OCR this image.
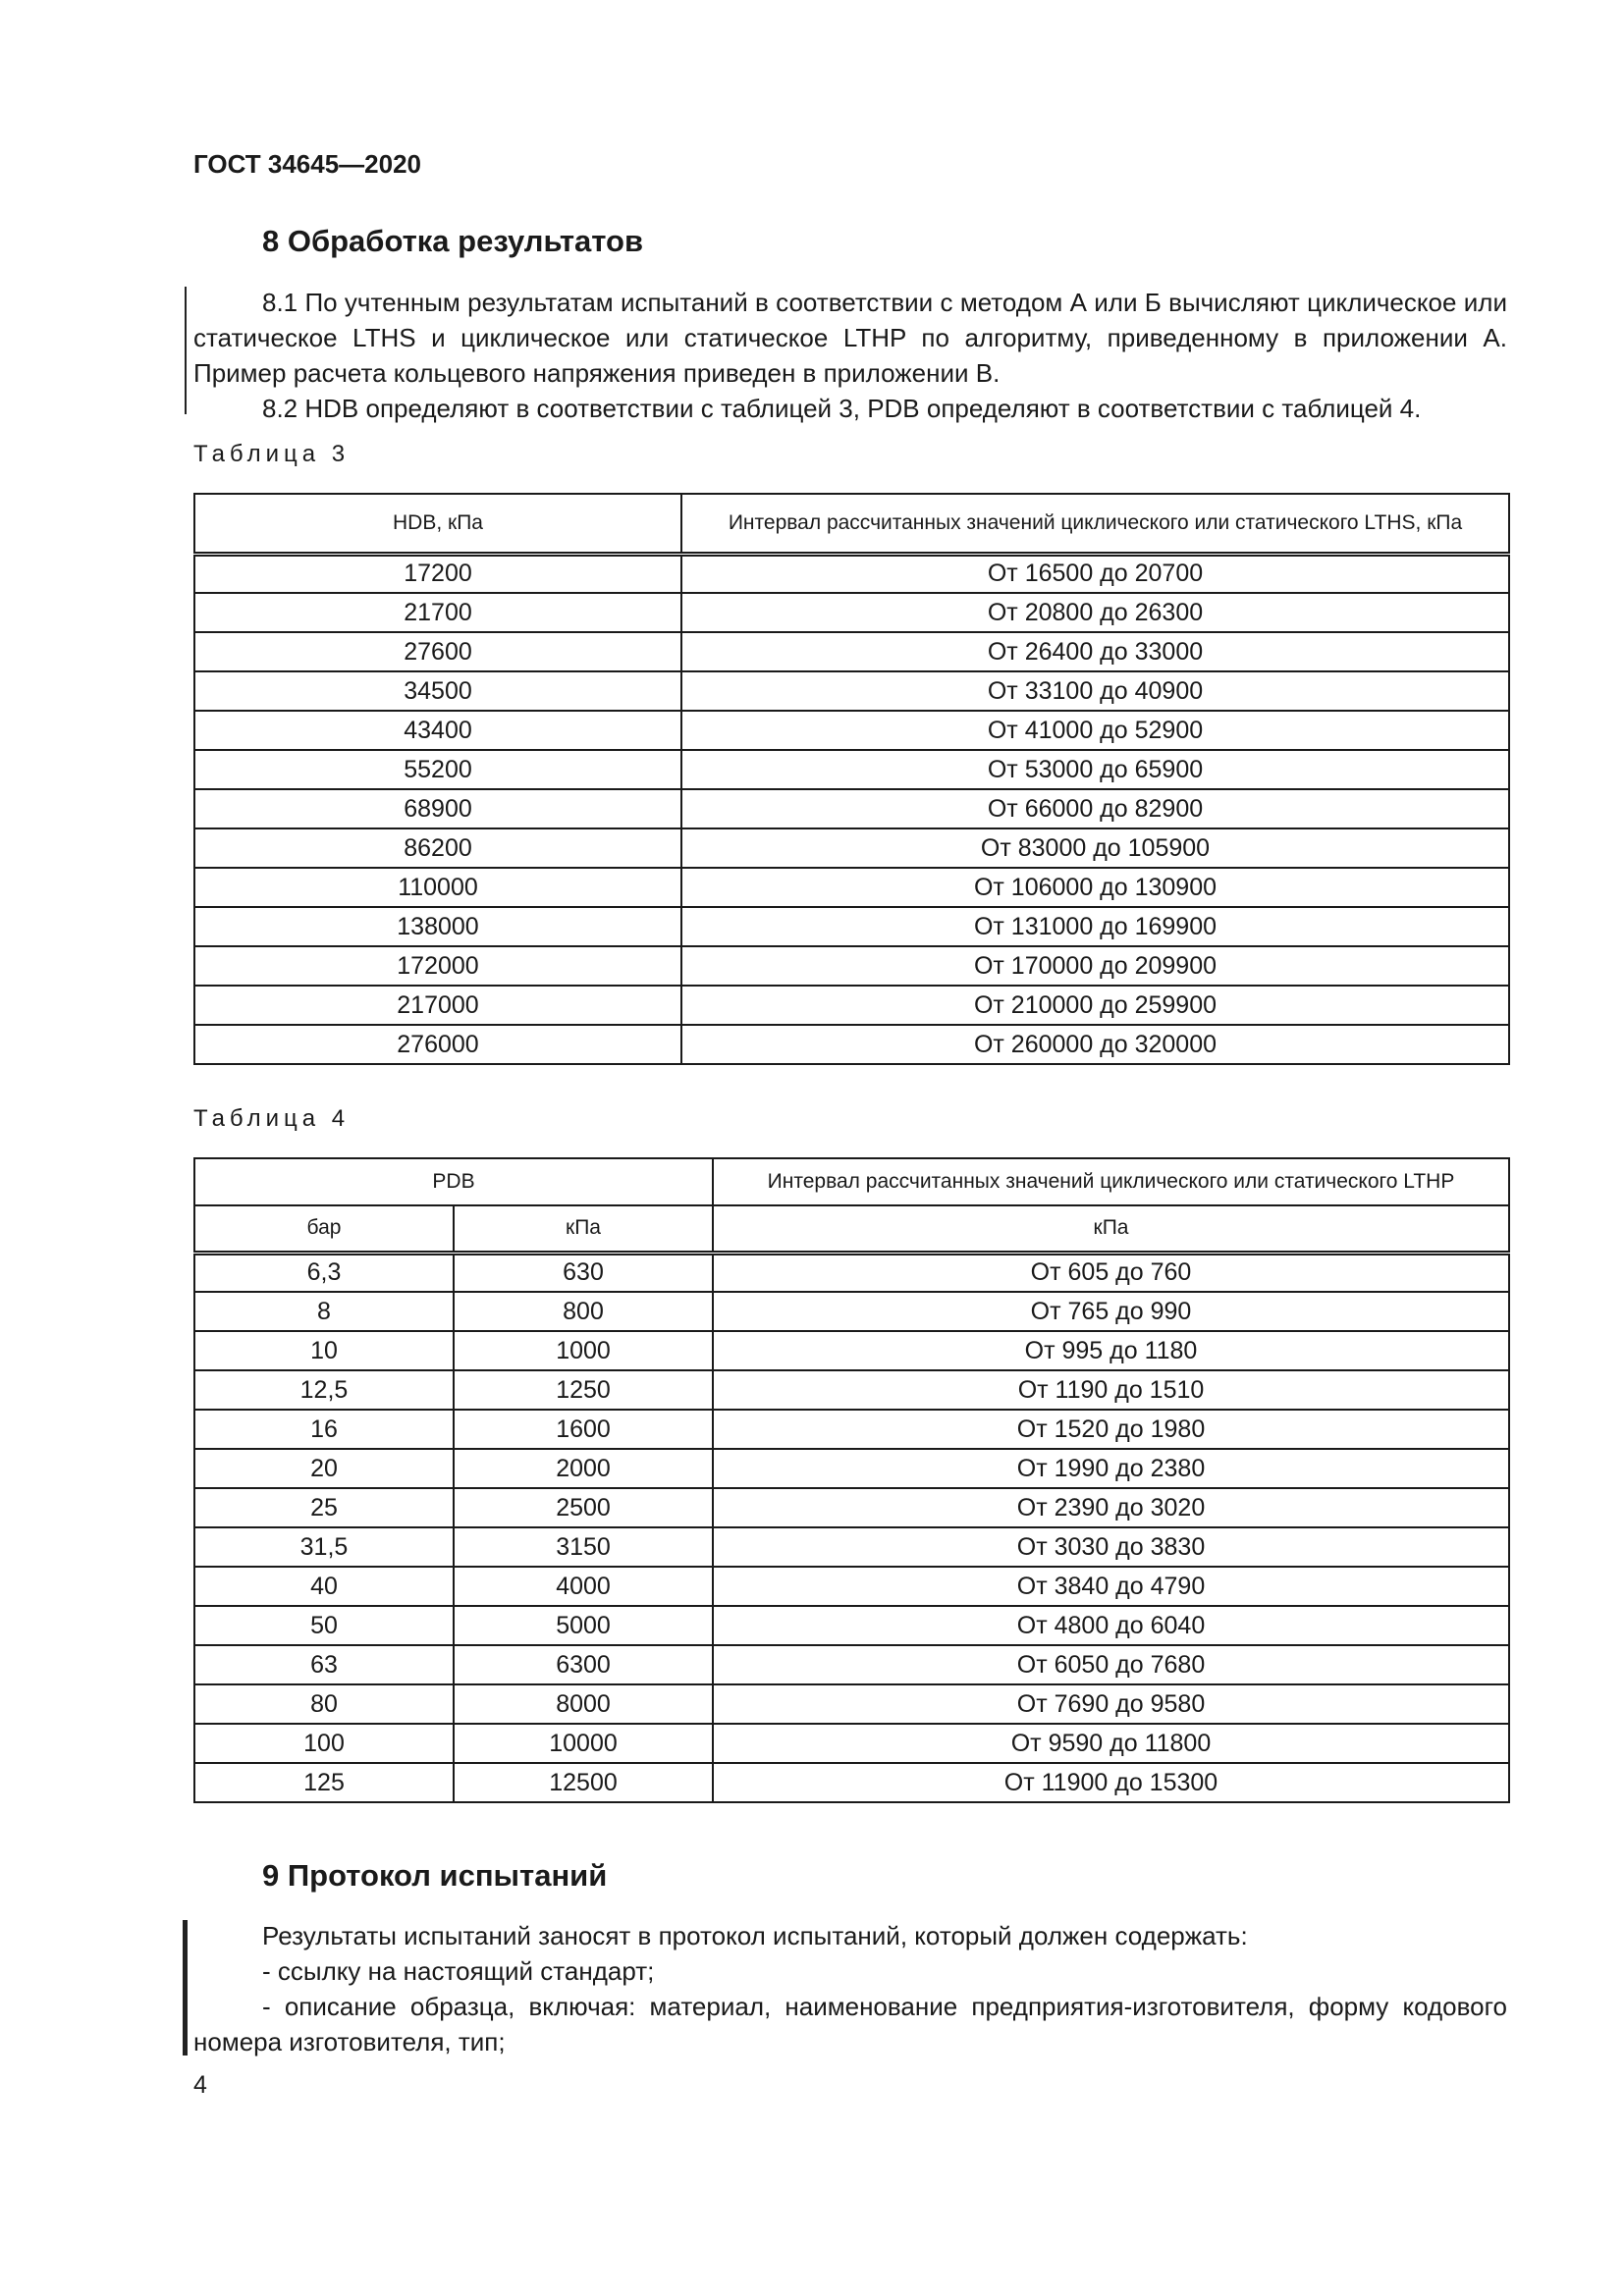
ГОСТ 34645—2020
8 Обработка результатов

8.1 По учтенным результатам испытаний в соответствии с методом А или Б вычисляют циклическое или статическое LTHS и циклическое или статическое LTHP по алгоритму, приведенному в приложении А. Пример расчета кольцевого напряжения приведен в приложении В.

8.2 HDB определяют в соответствии с таблицей 3, PDB определяют в соответствии с таблицей 4.

Таблица 3
HDB, кПа	Интервал рассчитанных значений циклического или статического LTHS, кПа
17200	От 16500 до 20700
21700	От 20800 до 26300
27600	От 26400 до 33000
34500	От 33100 до 40900
43400	От 41000 до 52900
55200	От 53000 до 65900
68900	От 66000 до 82900
86200	От 83000 до 105900
110000	От 106000 до 130900
138000	От 131000 до 169900
172000	От 170000 до 209900
217000	От 210000 до 259900
276000	От 260000 до 320000
Таблица 4
PDB		Интервал рассчитанных значений циклического или статического LTHP
бар	кПа	кПа
6,3	630	От 605 до 760
8	800	От 765 до 990
10	1000	От 995 до 1180
12,5	1250	От 1190 до 1510
16	1600	От 1520 до 1980
20	2000	От 1990 до 2380
25	2500	От 2390 до 3020
31,5	3150	От 3030 до 3830
40	4000	От 3840 до 4790
50	5000	От 4800 до 6040
63	6300	От 6050 до 7680
80	8000	От 7690 до 9580
100	10000	От 9590 до 11800
125	12500	От 11900 до 15300
9 Протокол испытаний

Результаты испытаний заносят в протокол испытаний, который должен содержать:

- ссылку на настоящий стандарт;

- описание образца, включая: материал, наименование предприятия-изготовителя, форму кодового номера изготовителя, тип;

4
